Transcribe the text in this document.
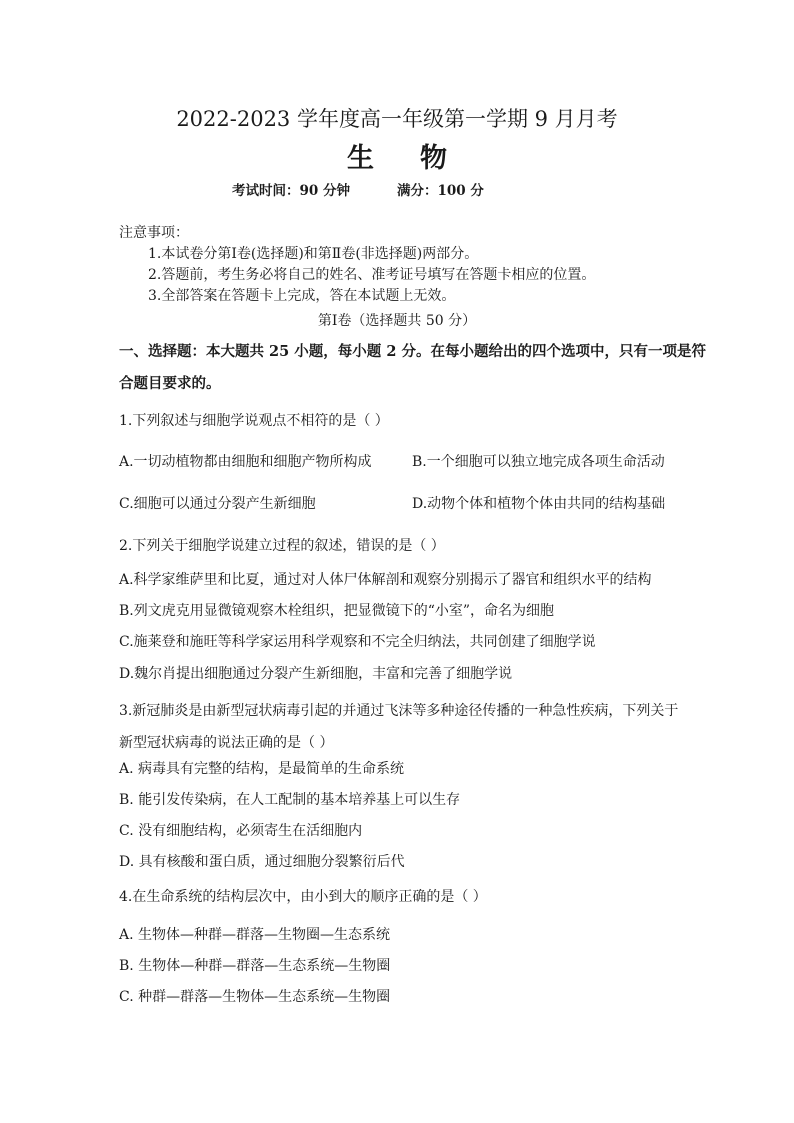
2022-2023 学年度高一年级第一学期 9 月月考
生物
考试时间：90 分钟	满分：100 分
注意事项：
1.本试卷分第Ⅰ卷(选择题)和第Ⅱ卷(非选择题)两部分。
2.答题前，考生务必将自己的姓名、准考证号填写在答题卡相应的位置。
3.全部答案在答题卡上完成，答在本试题上无效。
第Ⅰ卷（选择题共 50 分）
一、选择题：本大题共 25 小题，每小题 2 分。在每小题给出的四个选项中，只有一项是符
合题目要求的。
1.下列叙述与细胞学说观点不相符的是（ ）
A.一切动植物都由细胞和细胞产物所构成	B.一个细胞可以独立地完成各项生命活动
C.细胞可以通过分裂产生新细胞	D.动物个体和植物个体由共同的结构基础
2.下列关于细胞学说建立过程的叙述，错误的是（ ）
A.科学家维萨里和比夏，通过对人体尸体解剖和观察分别揭示了器官和组织水平的结构
B.列文虎克用显微镜观察木栓组织，把显微镜下的“小室”，命名为细胞
C.施莱登和施旺等科学家运用科学观察和不完全归纳法，共同创建了细胞学说
D.魏尔肖提出细胞通过分裂产生新细胞，丰富和完善了细胞学说
3.新冠肺炎是由新型冠状病毒引起的并通过飞沫等多种途径传播的一种急性疾病，下列关于
新型冠状病毒的说法正确的是（ ）
A. 病毒具有完整的结构，是最简单的生命系统
B. 能引发传染病，在人工配制的基本培养基上可以生存
C. 没有细胞结构，必须寄生在活细胞内
D. 具有核酸和蛋白质，通过细胞分裂繁衍后代
4.在生命系统的结构层次中，由小到大的顺序正确的是（ ）
A. 生物体—种群—群落—生物圈—生态系统
B. 生物体—种群—群落—生态系统—生物圈
C. 种群—群落—生物体—生态系统—生物圈
